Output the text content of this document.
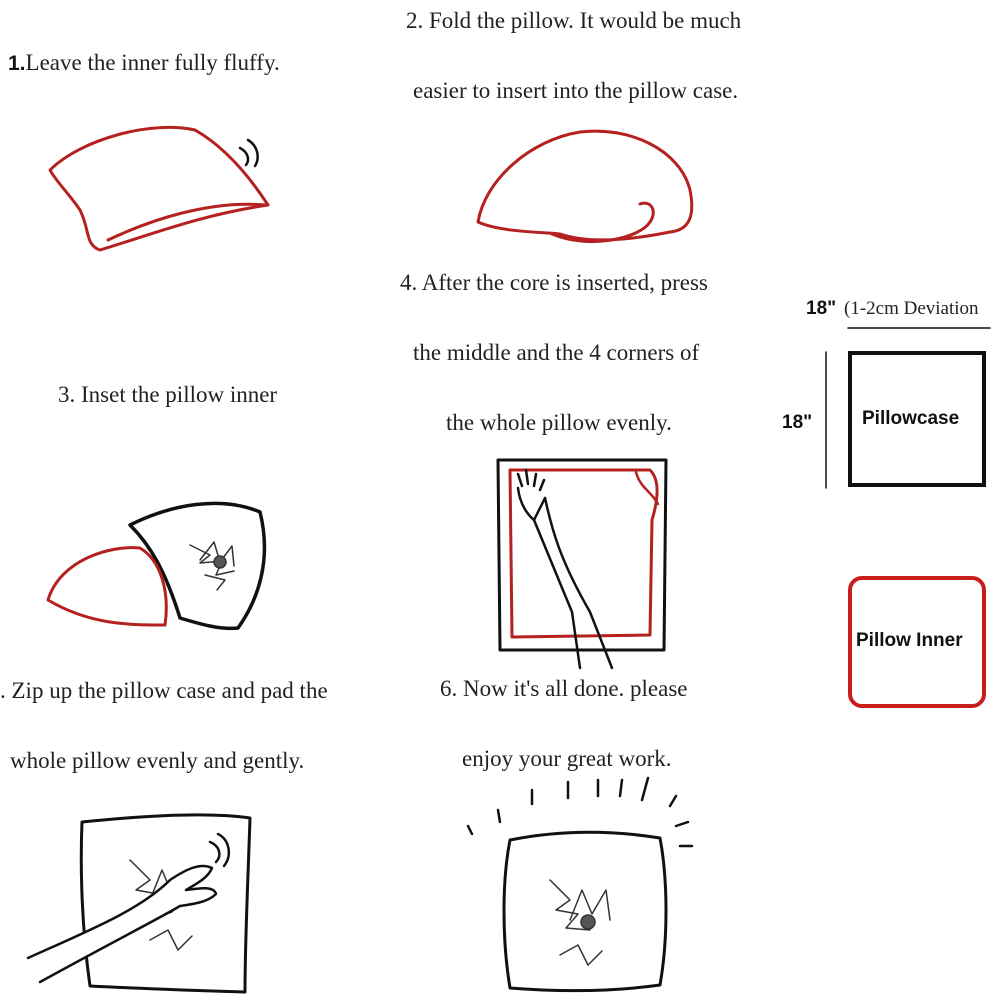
1.Leave the inner fully fluffy.
2. Fold the pillow. It would be much
easier to insert into the pillow case.
3. Inset the pillow inner
4. After the core is inserted, press
the middle and the 4 corners of
the whole pillow evenly.
18" (1-2cm Deviation
18"	Pillowcase
Pillow Inner
. Zip up the pillow case and pad the
whole pillow evenly and gently.
6. Now it's all done. please
enjoy your great work.
